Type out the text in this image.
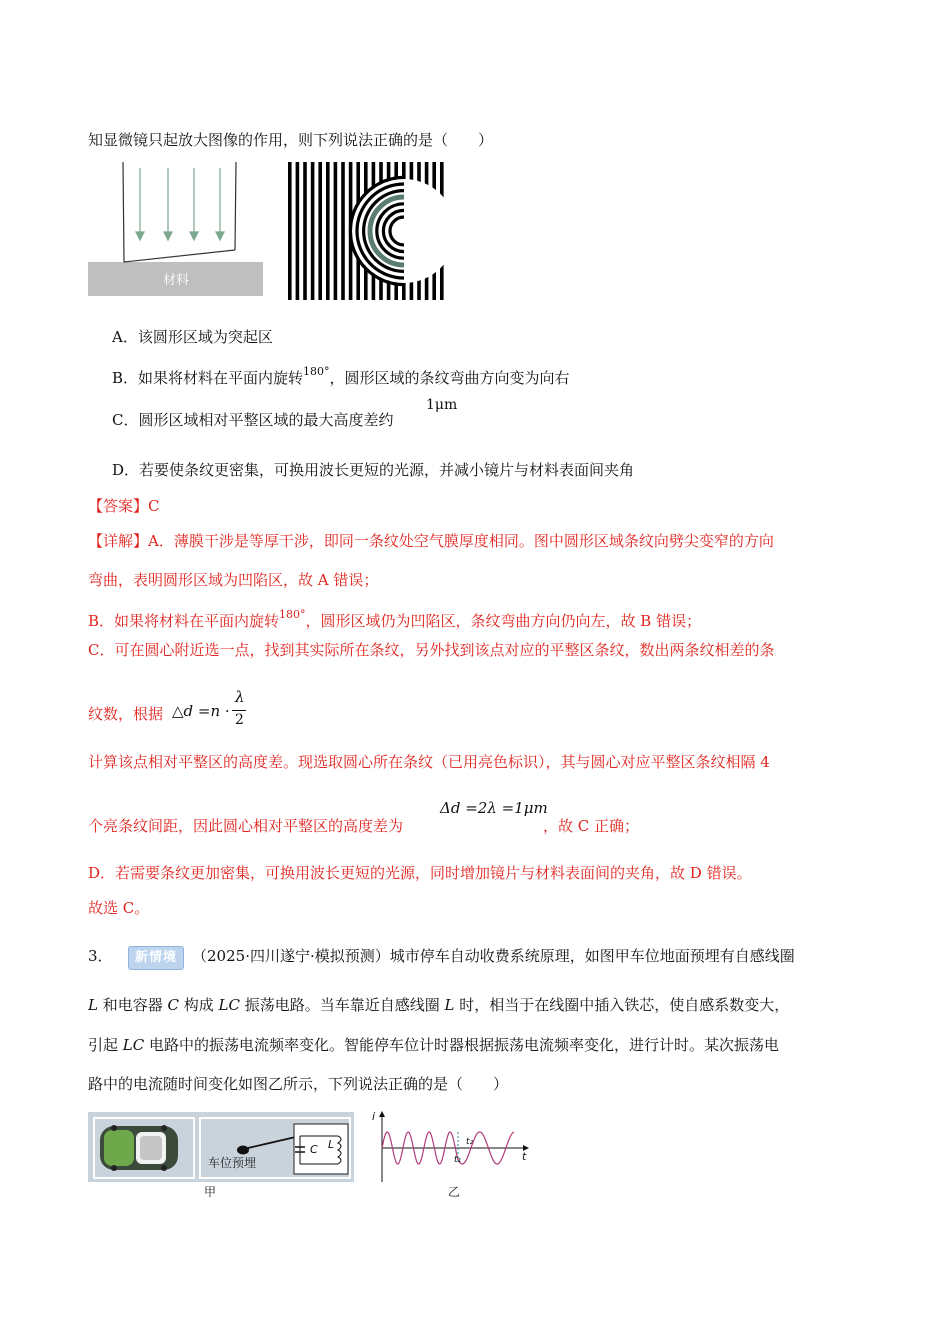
知显微镜只起放大图像的作用，则下列说法正确的是（　　）
材料
A．该圆形区域为突起区
B．如果将材料在平面内旋转$^{180^\circ}$，圆形区域的条纹弯曲方向变为向右
C．圆形区域相对平整区域的最大高度差约
1μm
D．若要使条纹更密集，可换用波长更短的光源，并减小镜片与材料表面间夹角
【答案】C
【详解】A．薄膜干涉是等厚干涉，即同一条纹处空气膜厚度相同。图中圆形区域条纹向劈尖变窄的方向
弯曲，表明圆形区域为凹陷区，故 A 错误；
B．如果将材料在平面内旋转$^{180^\circ}$，圆形区域仍为凹陷区，条纹弯曲方向仍向左，故 B 错误；
C．可在圆心附近选一点，找到其实际所在条纹，另外找到该点对应的平整区条纹，数出两条纹相差的条
纹数，根据 △d =n ·
λ
2
计算该点相对平整区的高度差。现选取圆心所在条纹（已用亮色标识），其与圆心对应平整区条纹相隔 4
Δd =2λ =1μm
个亮条纹间距，因此圆心相对平整区的高度差为	，故 C 正确；
D．若需要条纹更加密集，可换用波长更短的光源，同时增加镜片与材料表面间的夹角，故 D 错误。
故选 C。
3． 新情境 （2025·四川遂宁·模拟预测）城市停车自动收费系统原理，如图甲车位地面预埋有自感线圈
L 和电容器 C 构成 LC 振荡电路。当车靠近自感线圈 L 时，相当于在线圈中插入铁芯，使自感系数变大，
引起 LC 电路中的振荡电流频率变化。智能停车位计时器根据振荡电流频率变化，进行计时。某次振荡电
路中的电流随时间变化如图乙所示，下列说法正确的是（　　）
车位预埋
C L
甲
i
t
t₂
t₁
乙
